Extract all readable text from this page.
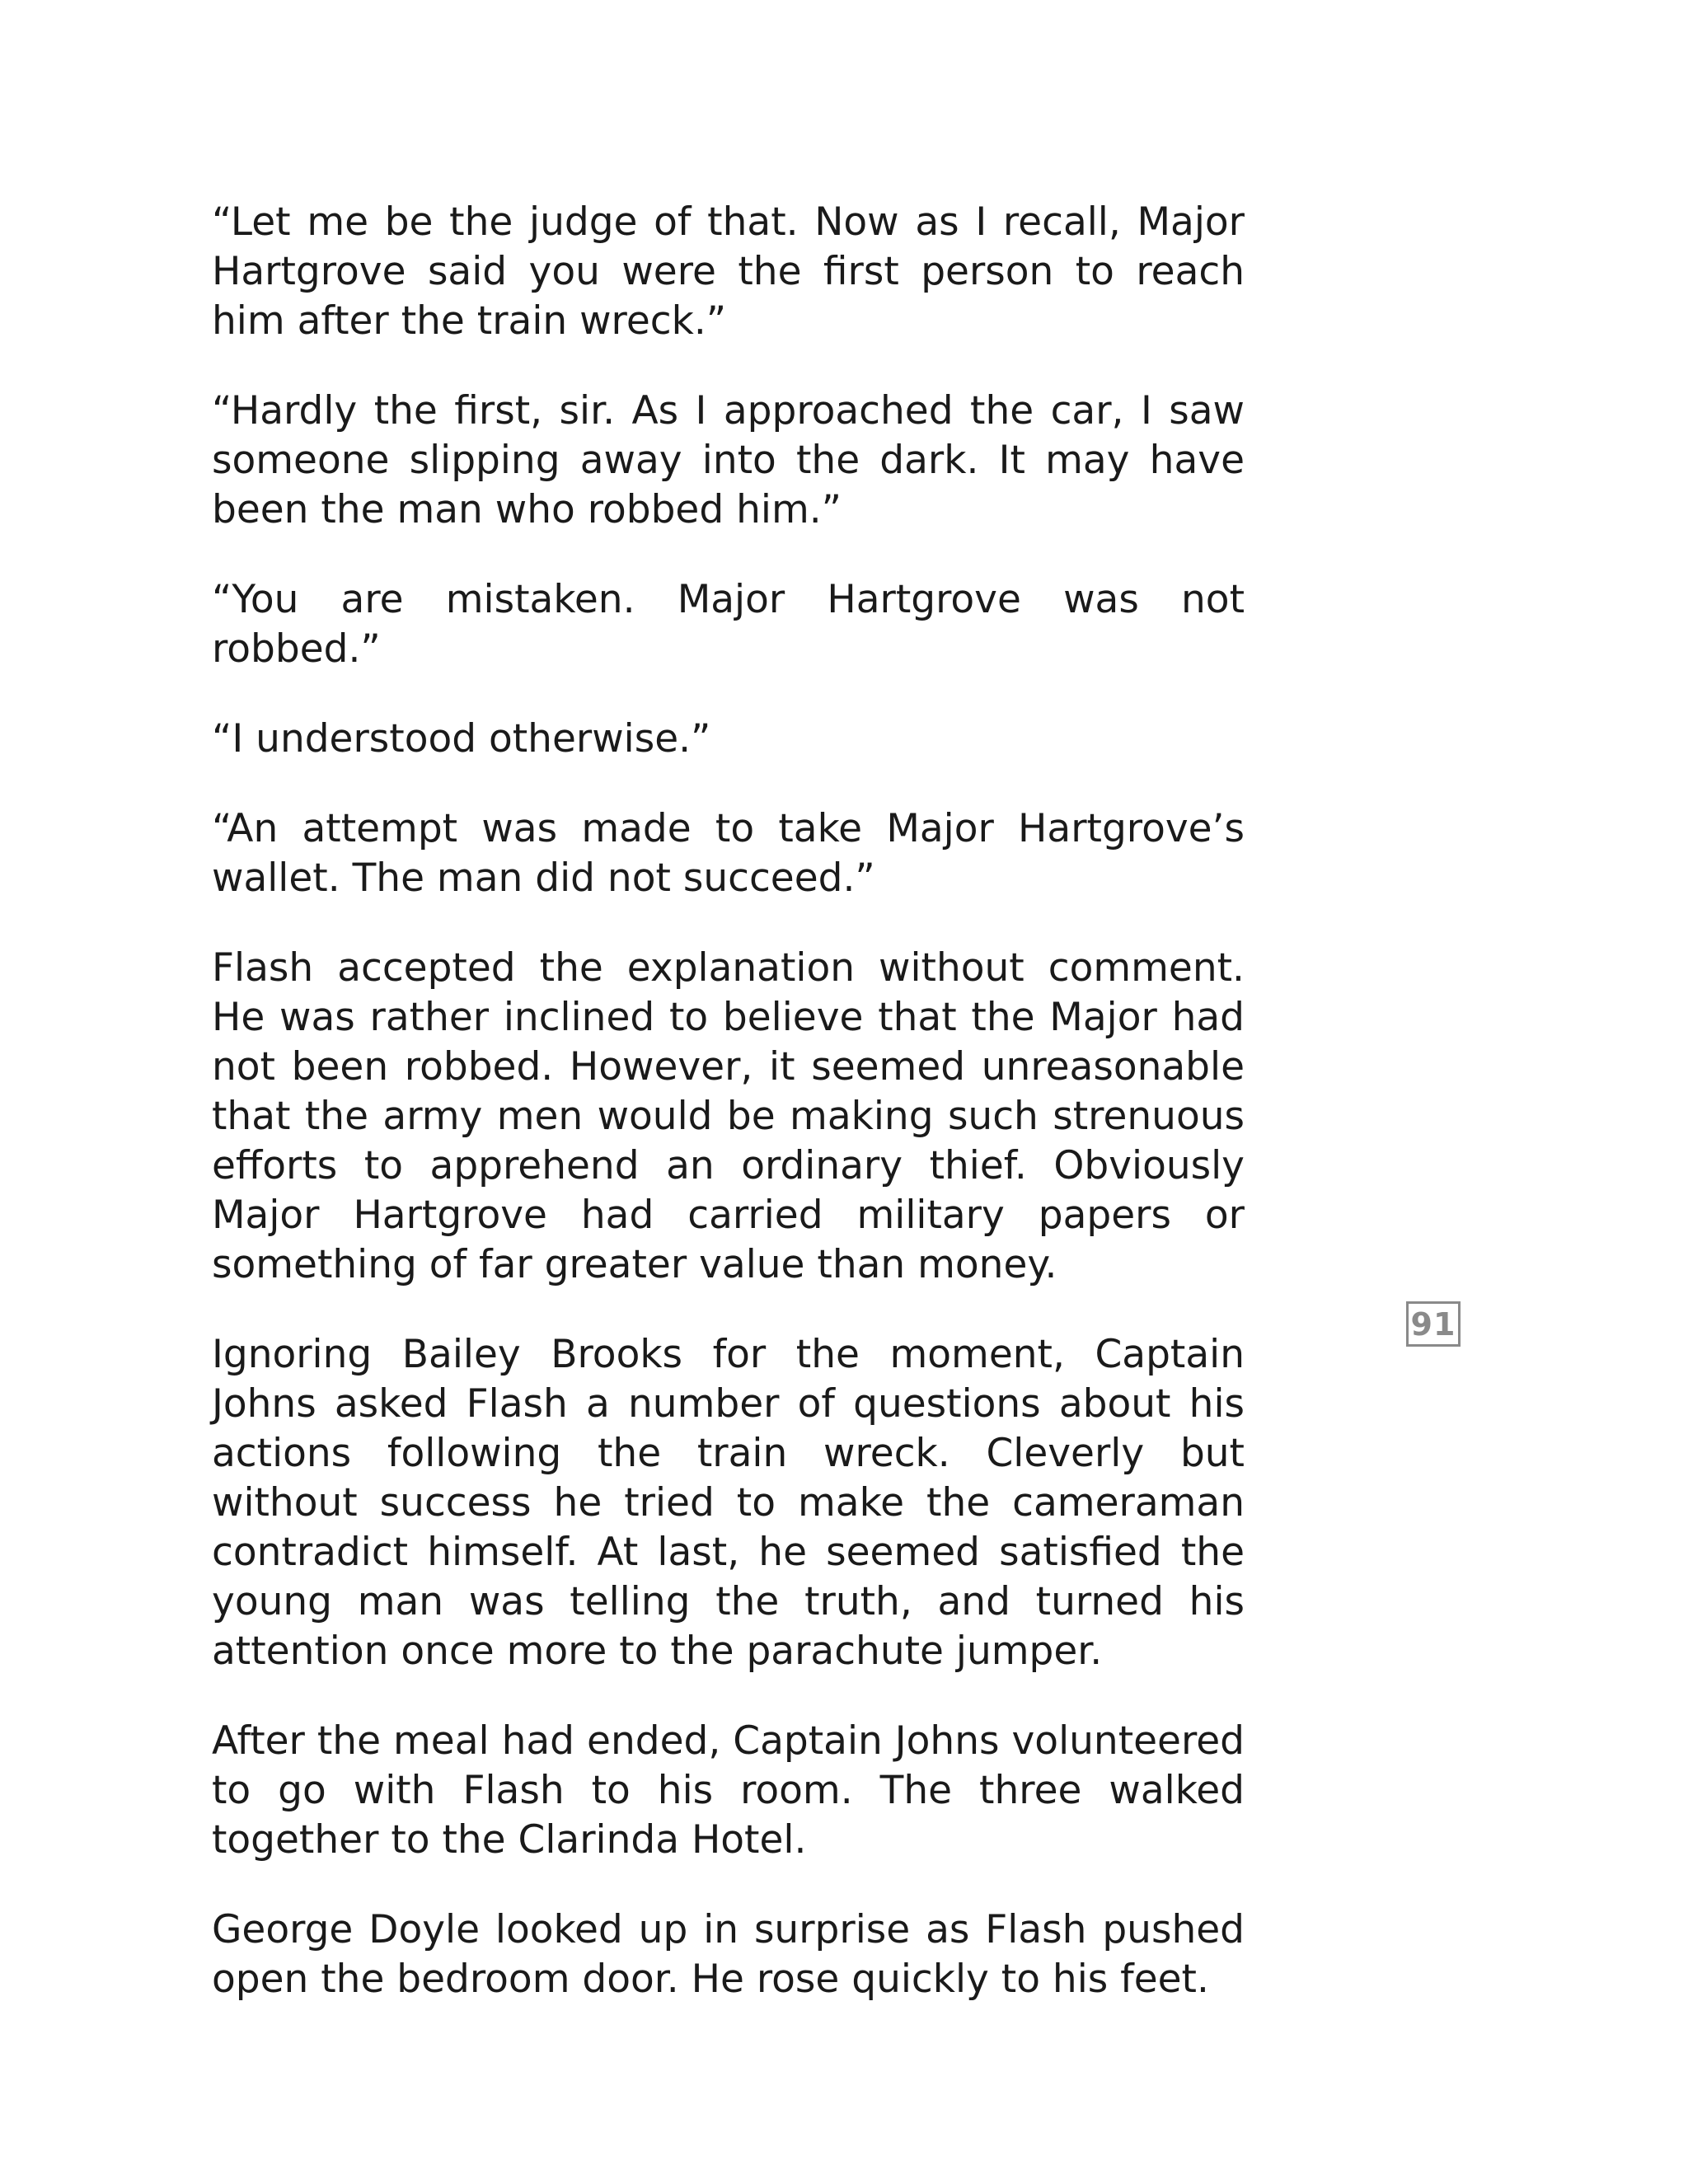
“Let me be the judge of that. Now as I recall, Major Hartgrove said you were the first person to reach him after the train wreck.”

“Hardly the first, sir. As I approached the car, I saw someone slipping away into the dark. It may have been the man who robbed him.”

“You are mistaken. Major Hartgrove was not robbed.”

“I understood otherwise.”

“An attempt was made to take Major Hartgrove’s wallet. The man did not succeed.”

Flash accepted the explanation without comment. He was rather inclined to believe that the Major had not been robbed. However, it seemed unreasonable that the army men would be making such strenuous efforts to apprehend an ordinary thief. Obviously Major Hartgrove had carried military papers or something of far greater value than money.

Ignoring Bailey Brooks for the moment, Captain Johns asked Flash a number of questions about his actions following the train wreck. Cleverly but without success he tried to make the cameraman contradict himself. At last, he seemed satisfied the young man was telling the truth, and turned his attention once more to the parachute jumper.

After the meal had ended, Captain Johns volunteered to go with Flash to his room. The three walked together to the Clarinda Hotel.

George Doyle looked up in surprise as Flash pushed open the bedroom door. He rose quickly to his feet.

91
